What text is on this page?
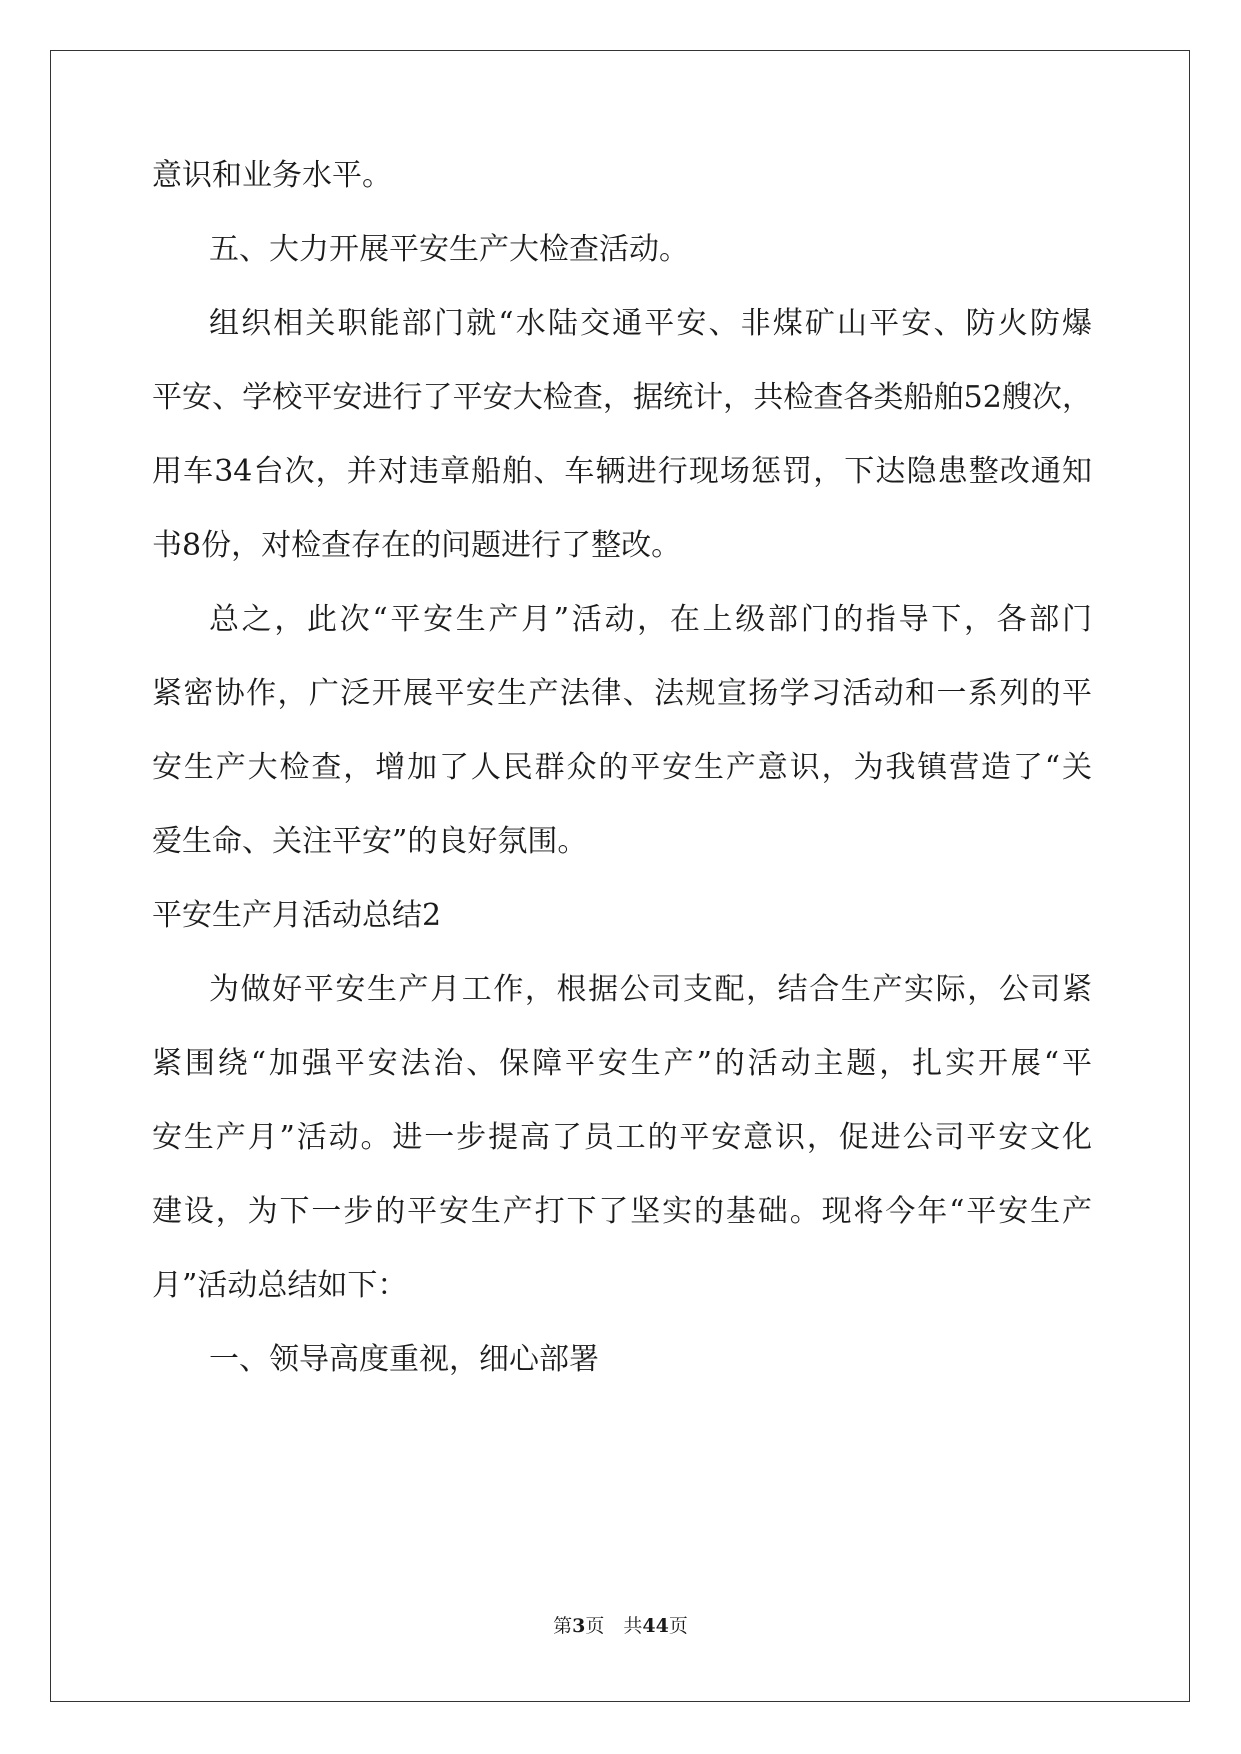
意识和业务水平。
五、大力开展平安生产大检查活动。
组织相关职能部门就“水陆交通平安、非煤矿山平安、防火防爆
平安、学校平安进行了平安大检查，据统计，共检查各类船舶52艘次，
用车34台次，并对违章船舶、车辆进行现场惩罚，下达隐患整改通知
书8份，对检查存在的问题进行了整改。
总之，此次“平安生产月”活动，在上级部门的指导下，各部门
紧密协作，广泛开展平安生产法律、法规宣扬学习活动和一系列的平
安生产大检查，增加了人民群众的平安生产意识，为我镇营造了“关
爱生命、关注平安”的良好氛围。
平安生产月活动总结2
为做好平安生产月工作，根据公司支配，结合生产实际，公司紧
紧围绕“加强平安法治、保障平安生产”的活动主题，扎实开展“平
安生产月”活动。进一步提高了员工的平安意识，促进公司平安文化
建设，为下一步的平安生产打下了坚实的基础。现将今年“平安生产
月”活动总结如下：
一、领导高度重视，细心部署
第3页　共44页
